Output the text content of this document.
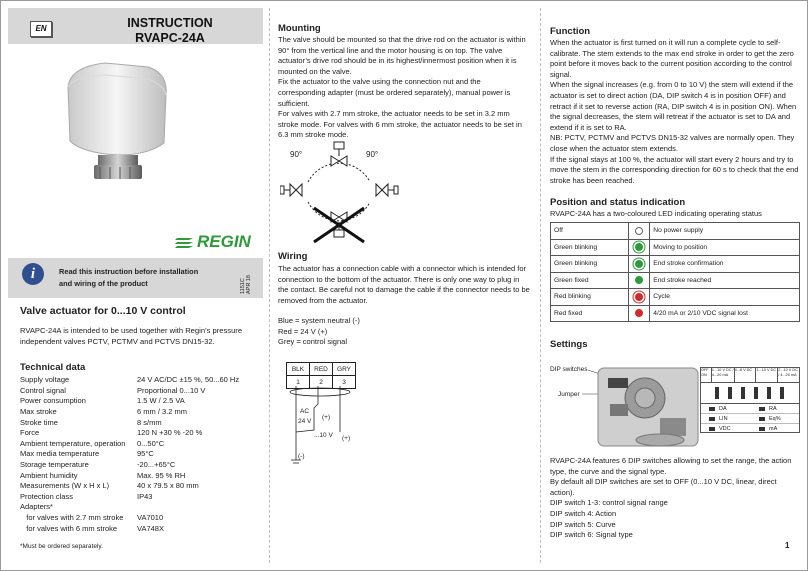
EN	INSTRUCTION
RVAPC-24A
REGIN
i	Read this instruction before installation
and wiring of the product	1151C APR 18
Valve actuator for 0...10 V control
RVAPC-24A is intended to be used together with Regin’s pressure independent valves PCTV, PCTMV and PCTVS DN15-32.
Technical data
Supply voltage	24 V AC/DC ±15 %, 50...60 Hz
Control signal	Proportional 0...10 V
Power consumption	1.5 W / 2.5 VA
Max stroke	6 mm / 3.2 mm
Stroke time	8 s/mm
Force	120 N +30 % -20 %
Ambient temperature, operation	0...50°C
Max media temperature	95°C
Storage temperature	-20...+65°C
Ambient humidity	Max. 95 % RH
Measurements (W x H x L)	40 x 79.5 x 80 mm
Protection class	IP43
Adapters*
for valves with 2.7 mm stroke	VA7010
for valves with 6 mm stroke	VA748X
*Must be ordered separately.
Mounting
The valve should be mounted so that the drive rod on the actuator is within 90° from the vertical line and the motor housing is on top. The valve actuator’s drive rod should be in its highest/innermost position when it is mounted on the valve.
Fix the actuator to the valve using the connection nut and the corresponding adapter (must be ordered separately), manual power is sufficient.
For valves with 2.7 mm stroke, the actuator needs to be set in 3.2 mm stroke mode. For valves with 6 mm stroke, the actuator needs to be set in 6.3 mm stroke mode.
90°	90°
Wiring
The actuator has a connection cable with a connector which is intended for connection to the bottom of the actuator. There is only one way to plug in the contact. Be careful not to damage the cable if the connector needs to be removed from the actuator.
Blue = system neutral (-)
Red = 24 V (+)
Grey = control signal
BLK	RED	GRY
1	2	3
(+)
AC
24 V
...10 V (+)
(-)
Function
When the actuator is first turned on it will run a complete cycle to self-calibrate. The stem extends to the max end stroke in order to get the zero point before it moves back to the current position according to the control signal.
When the signal increases (e.g. from 0 to 10 V) the stem will extend if the actuator is set to direct action (DA, DIP switch 4 is in position OFF) and retract if it set to reverse action (RA, DIP switch 4 is in position ON). When the signal decreases, the stem will retreat if the actuator is set to DA and extend if it is set to RA.
NB: PCTV, PCTMV and PCTVS DN15-32 valves are normally open. They close when the actuator stem extends.
If the signal stays at 100 %, the actuator will start every 2 hours and try to move the stem in the corresponding direction for 60 s to check that the end stroke has been reached.
Position and status indication
RVAPC-24A has a two-coloured LED indicating operating status
Off		No power supply
Green blinking		Moving to position
Green blinking		End stroke confirmation
Green fixed		End stroke reached
Red blinking		Cycle
Red fixed		4/20 mA or 2/10 VDC signal lost
Settings
DIP switches
Jumper
OFF ON
1...10 V DC / 4...20 mA
4...8 V DC	1...10 V DC 2...10 V DC / 4...20 mA
DA	RA
LIN	Eq%
VDC	mA
RVAPC-24A features 6 DIP switches allowing to set the range, the action type, the curve and the signal type.
By default all DIP switches are set to OFF (0...10 V DC, linear, direct action).
DIP switch 1-3: control signal range
DIP switch 4: Action
DIP switch 5: Curve
DIP switch 6: Signal type
1
